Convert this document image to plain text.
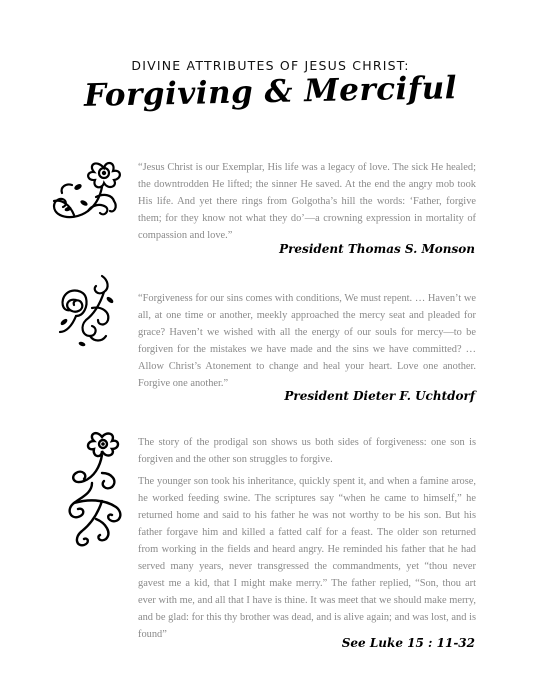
DIVINE ATTRIBUTES OF JESUS CHRIST:
Forgiving & Merciful
“Jesus Christ is our Exemplar, His life was a legacy of love. The sick He healed; the downtrodden He lifted; the sinner He saved. At the end the angry mob took His life. And yet there rings from Golgotha’s hill the words: ‘Father, forgive them; for they know not what they do’—a crowning expression in mortality of compassion and love.”
President Thomas S. Monson
“Forgiveness for our sins comes with conditions, We must repent. … Haven’t we all, at one time or another, meekly approached the mercy seat and pleaded for grace? Haven’t we wished with all the energy of our souls for mercy—to be forgiven for the mistakes we have made and the sins we have committed? … Allow Christ’s Atonement to change and heal your heart. Love one another. Forgive one another.”
President Dieter F. Uchtdorf

The story of the prodigal son shows us both sides of forgiveness: one son is forgiven and the other son struggles to forgive.

The younger son took his inheritance, quickly spent it, and when a famine arose, he worked feeding swine. The scriptures say “when he came to himself,” he returned home and said to his father he was not worthy to be his son. But his father forgave him and killed a fatted calf for a feast. The older son returned from working in the fields and heard angry. He reminded his father that he had served many years, never transgressed the commandments, yet “thou never gavest me a kid, that I might make merry.” The father replied, “Son, thou art ever with me, and all that I have is thine. It was meet that we should make merry, and be glad: for this thy brother was dead, and is alive again; and was lost, and is found”

See Luke 15 : 11-32
